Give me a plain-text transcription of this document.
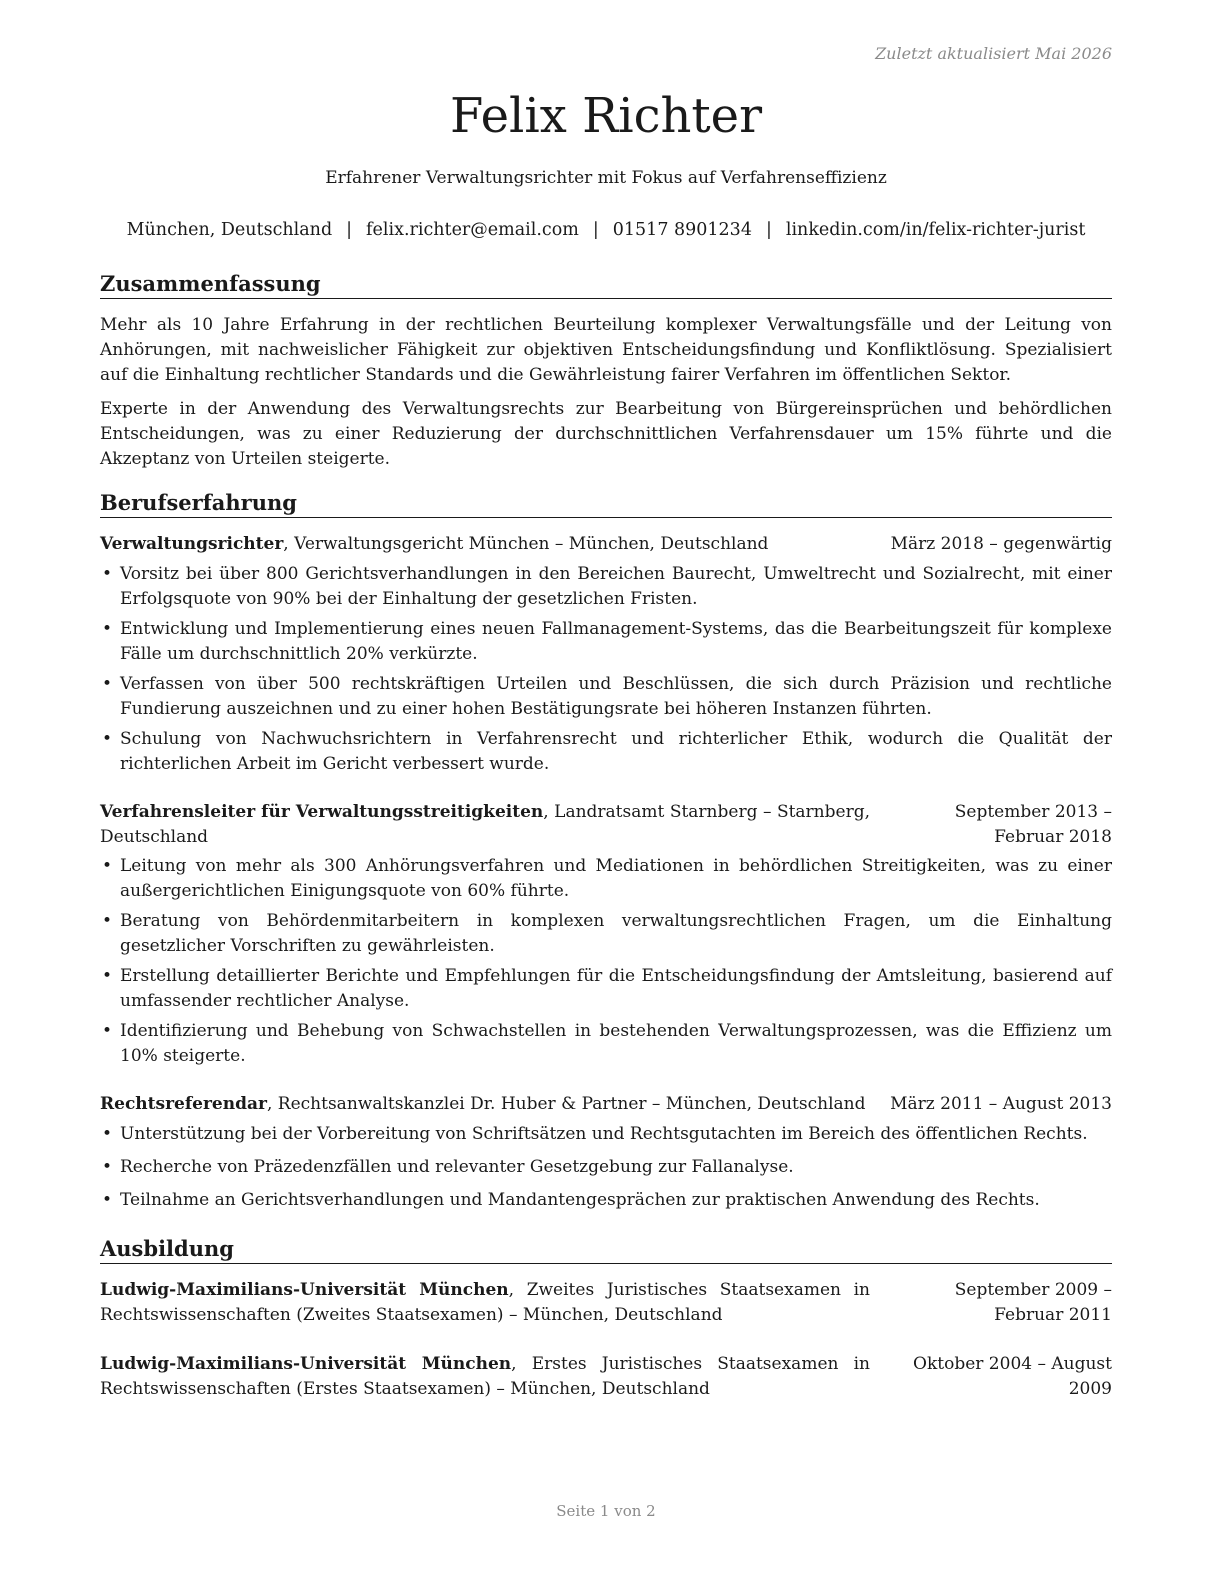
Zuletzt aktualisiert Mai 2026
Felix Richter
Erfahrener Verwaltungsrichter mit Fokus auf Verfahrenseffizienz
München, Deutschland | felix.richter@email.com | 01517 8901234 | linkedin.com/in/felix-richter-jurist
Zusammenfassung

Mehr als 10 Jahre Erfahrung in der rechtlichen Beurteilung komplexer Verwaltungsfälle und der Leitung von Anhörungen, mit nachweislicher Fähigkeit zur objektiven Entscheidungsfindung und Konfliktlösung. Spezialisiert auf die Einhaltung rechtlicher Standards und die Gewährleistung fairer Verfahren im öffentlichen Sektor.

Experte in der Anwendung des Verwaltungsrechts zur Bearbeitung von Bürgereinsprüchen und behördlichen Entscheidungen, was zu einer Reduzierung der durchschnittlichen Verfahrensdauer um 15% führte und die Akzeptanz von Urteilen steigerte.

Berufserfahrung
Verwaltungsrichter, Verwaltungsgericht München – München, Deutschland	März 2018 – gegenwärtig
• Vorsitz bei über 800 Gerichtsverhandlungen in den Bereichen Baurecht, Umweltrecht und Sozialrecht, mit einer Erfolgsquote von 90% bei der Einhaltung der gesetzlichen Fristen.
• Entwicklung und Implementierung eines neuen Fallmanagement-Systems, das die Bearbeitungszeit für komplexe Fälle um durchschnittlich 20% verkürzte.
• Verfassen von über 500 rechtskräftigen Urteilen und Beschlüssen, die sich durch Präzision und rechtliche Fundierung auszeichnen und zu einer hohen Bestätigungsrate bei höheren Instanzen führten.
• Schulung von Nachwuchsrichtern in Verfahrensrecht und richterlicher Ethik, wodurch die Qualität der richterlichen Arbeit im Gericht verbessert wurde.
Verfahrensleiter für Verwaltungsstreitigkeiten, Landratsamt Starnberg – Starnberg, Deutschland
September 2013 – Februar 2018
• Leitung von mehr als 300 Anhörungsverfahren und Mediationen in behördlichen Streitigkeiten, was zu einer außergerichtlichen Einigungsquote von 60% führte.
• Beratung von Behördenmitarbeitern in komplexen verwaltungsrechtlichen Fragen, um die Einhaltung gesetzlicher Vorschriften zu gewährleisten.
• Erstellung detaillierter Berichte und Empfehlungen für die Entscheidungsfindung der Amtsleitung, basierend auf umfassender rechtlicher Analyse.
• Identifizierung und Behebung von Schwachstellen in bestehenden Verwaltungsprozessen, was die Effizienz um 10% steigerte.
Rechtsreferendar, Rechtsanwaltskanzlei Dr. Huber & Partner – München, Deutschland März 2011 – August 2013
• Unterstützung bei der Vorbereitung von Schriftsätzen und Rechtsgutachten im Bereich des öffentlichen Rechts.
• Recherche von Präzedenzfällen und relevanter Gesetzgebung zur Fallanalyse.
• Teilnahme an Gerichtsverhandlungen und Mandantengesprächen zur praktischen Anwendung des Rechts.
Ausbildung
Ludwig-Maximilians-Universität München, Zweites Juristisches Staatsexamen in Rechtswissenschaften (Zweites Staatsexamen) – München, Deutschland
September 2009 – Februar 2011
Ludwig-Maximilians-Universität München, Erstes Juristisches Staatsexamen in Rechtswissenschaften (Erstes Staatsexamen) – München, Deutschland
Oktober 2004 – August 2009
Seite 1 von 2
